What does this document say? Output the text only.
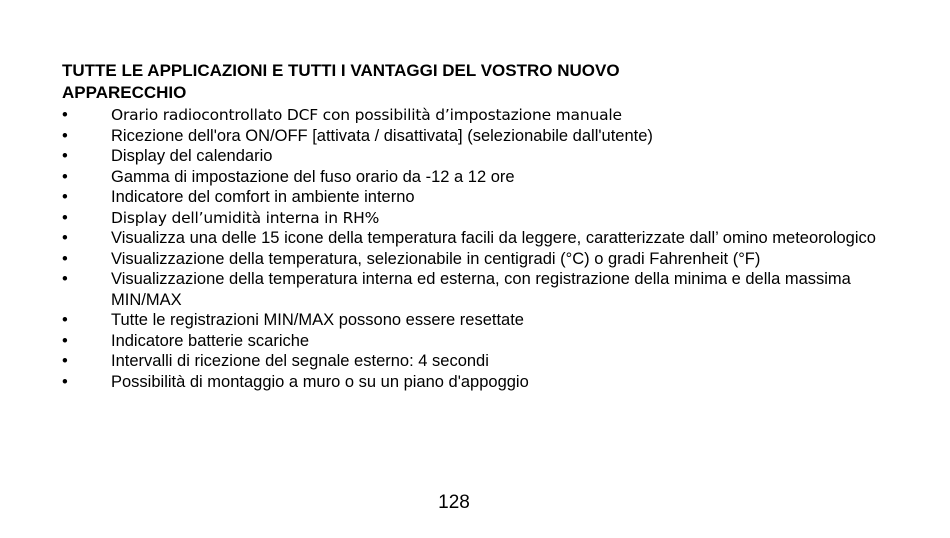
TUTTE LE APPLICAZIONI E TUTTI I VANTAGGI DEL VOSTRO NUOVO
APPARECCHIO
•	Orario radiocontrollato DCF con possibilità d’impostazione manuale
•	Ricezione dell'ora ON/OFF [attivata / disattivata] (selezionabile dall'utente)
•	Display del calendario
•	Gamma di impostazione del fuso orario da -12 a 12 ore
•	Indicatore del comfort in ambiente interno
•	Display dell’umidità interna in RH%
•	Visualizza una delle 15 icone della temperatura facili da leggere, caratterizzate dall’ omino meteorologico
•	Visualizzazione della temperatura, selezionabile in centigradi (°C) o gradi Fahrenheit (°F)
•	Visualizzazione della temperatura interna ed esterna, con registrazione della minima e della massima MIN/MAX
•	Tutte le registrazioni MIN/MAX possono essere resettate
•	Indicatore batterie scariche
•	Intervalli di ricezione del segnale esterno: 4 secondi
•	Possibilità di montaggio a muro o su un piano d'appoggio
128
